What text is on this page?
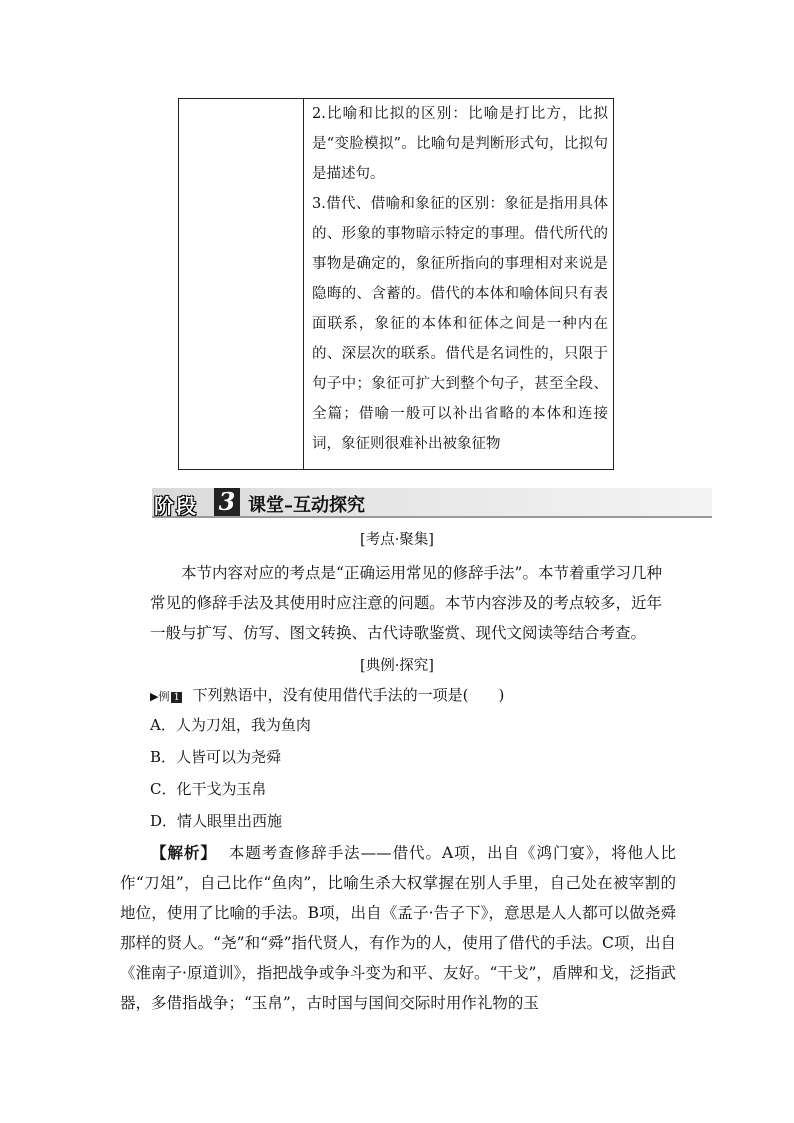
2.比喻和比拟的区别：比喻是打比方，比拟是“变脸模拟”。比喻句是判断形式句，比拟句是描述句。

3.借代、借喻和象征的区别：象征是指用具体的、形象的事物暗示特定的事理。借代所代的事物是确定的，象征所指向的事理相对来说是隐晦的、含蓄的。借代的本体和喻体间只有表面联系，象征的本体和征体之间是一种内在的、深层次的联系。借代是名词性的，只限于句子中；象征可扩大到整个句子，甚至全段、全篇；借喻一般可以补出省略的本体和连接词，象征则很难补出被象征物

阶段 3 课堂–互动探究
[考点·聚集]

本节内容对应的考点是“正确运用常见的修辞手法”。本节着重学习几种常见的修辞手法及其使用时应注意的问题。本节内容涉及的考点较多，近年一般与扩写、仿写、图文转换、古代诗歌鉴赏、现代文阅读等结合考查。

[典例·探究]
▶例 1 下列熟语中，没有使用借代手法的一项是(　　)
A．人为刀俎，我为鱼肉
B．人皆可以为尧舜
C．化干戈为玉帛
D．情人眼里出西施

【解析】 本题考查修辞手法——借代。A项，出自《鸿门宴》，将他人比作“刀俎”，自己比作“鱼肉”，比喻生杀大权掌握在别人手里，自己处在被宰割的地位，使用了比喻的手法。B项，出自《孟子·告子下》，意思是人人都可以做尧舜那样的贤人。“尧”和“舜”指代贤人，有作为的人，使用了借代的手法。C项，出自《淮南子·原道训》，指把战争或争斗变为和平、友好。“干戈”，盾牌和戈，泛指武器，多借指战争；“玉帛”，古时国与国间交际时用作礼物的玉
